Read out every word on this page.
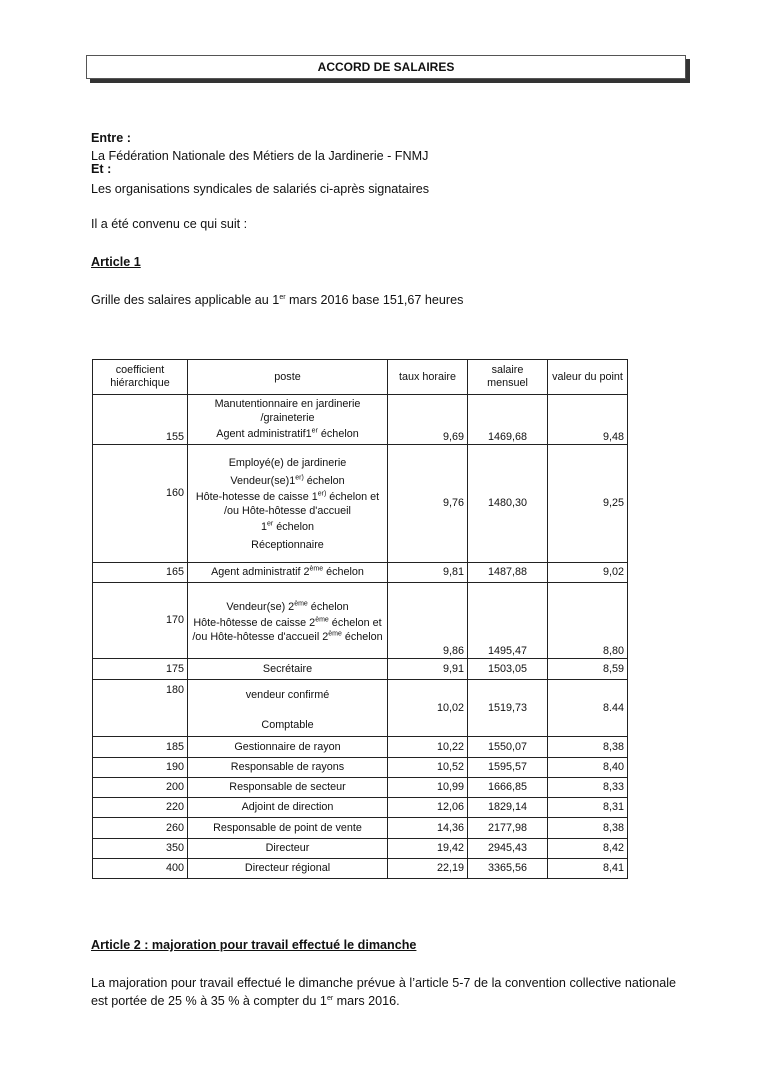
ACCORD DE SALAIRES
Entre :
La Fédération Nationale des Métiers de la Jardinerie - FNMJ
Et :
Les organisations syndicales de salariés ci-après signataires
Il a été convenu ce qui suit :
Article 1
Grille des salaires applicable au 1er mars 2016 base 151,67 heures
coefficient hiérarchique	poste	taux horaire	salaire mensuel	valeur du point
155	Manutentionnaire en jardinerie /graineterie
Agent administratif1er échelon	9,69	1469,68	9,48
160	Employé(e) de jardinerie
$Vendeur(se)1^{er)}$ échelon
Hôte-hotesse de caisse $1^{er)}$ échelon et /ou Hôte-hôtesse d'accueil
1er échelon
Réceptionnaire	9,76	1480,30	9,25
165	Agent administratif 2ème échelon	9,81	1487,88	9,02
170	Vendeur(se) 2ème échelon
Hôte-hôtesse de caisse 2ème échelon et /ou Hôte-hôtesse d'accueil 2ème échelon	9,86	1495,47	8,80
175	Secrétaire	9,91	1503,05	8,59
180	vendeur confirmé
Comptable	10,02	1519,73	8.44
185	Gestionnaire de rayon	10,22	1550,07	8,38
190	Responsable de rayons	10,52	1595,57	8,40
200	Responsable de secteur	10,99	1666,85	8,33
220	Adjoint de direction	12,06	1829,14	8,31
260	Responsable de point de vente	14,36	2177,98	8,38
350	Directeur	19,42	2945,43	8,42
400	Directeur régional	22,19	3365,56	8,41
Article 2 : majoration pour travail effectué le dimanche
La majoration pour travail effectué le dimanche prévue à l’article 5-7 de la convention collective nationale est portée de 25 % à 35 % à compter du 1er mars 2016.
